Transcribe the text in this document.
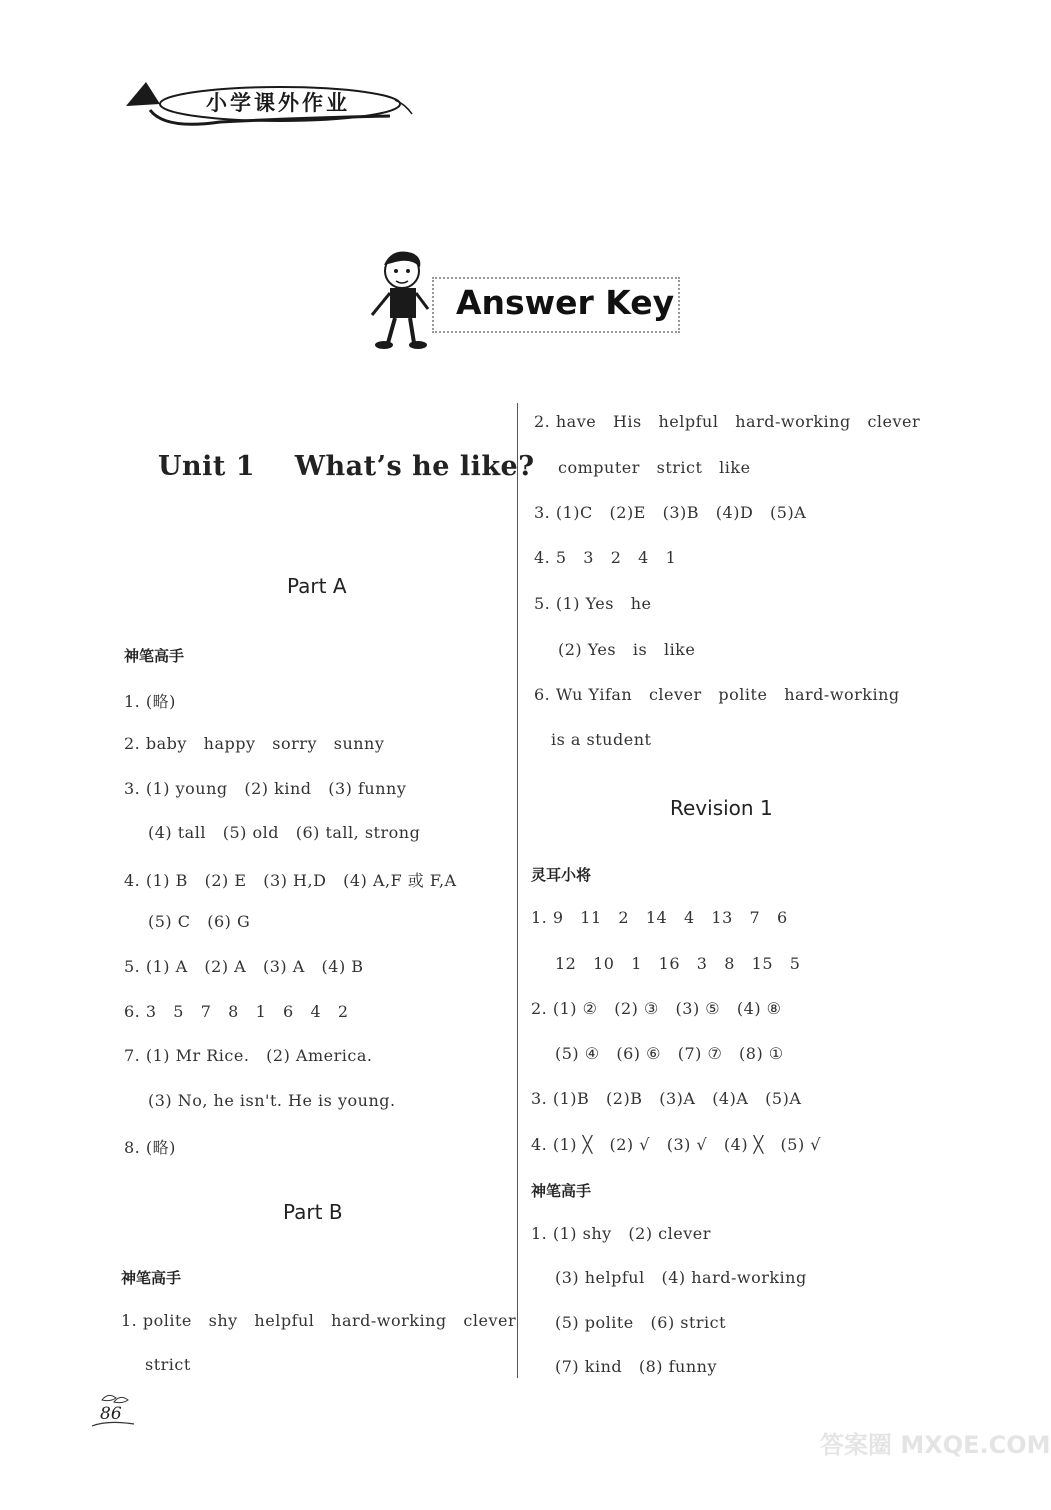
小学课外作业
Answer Key
Unit 1    What’s he like?
Part A
神笔高手
1. (略)
2. baby   happy   sorry   sunny
3. (1) young   (2) kind   (3) funny
(4) tall   (5) old   (6) tall, strong
4. (1) B   (2) E   (3) H,D   (4) A,F 或 F,A
(5) C   (6) G
5. (1) A   (2) A   (3) A   (4) B
6. 3   5   7   8   1   6   4   2
7. (1) Mr Rice.   (2) America.
(3) No, he isn't. He is young.
8. (略)
Part B
神笔高手
1. polite   shy   helpful   hard-working   clever
strict
2. have   His   helpful   hard-working   clever
computer   strict   like
3. (1)C   (2)E   (3)B   (4)D   (5)A
4. 5   3   2   4   1
5. (1) Yes   he
(2) Yes   is   like
6. Wu Yifan   clever   polite   hard-working
is a student
Revision 1
灵耳小将
1. 9   11   2   14   4   13   7   6
12   10   1   16   3   8   15   5
2. (1) ②   (2) ③   (3) ⑤   (4) ⑧
(5) ④   (6) ⑥   (7) ⑦   (8) ①
3. (1)B   (2)B   (3)A   (4)A   (5)A
4. (1) ╳   (2) √   (3) √   (4) ╳   (5) √
神笔高手
1. (1) shy   (2) clever
(3) helpful   (4) hard-working
(5) polite   (6) strict
(7) kind   (8) funny
86
答案圈 MXQE.COM
